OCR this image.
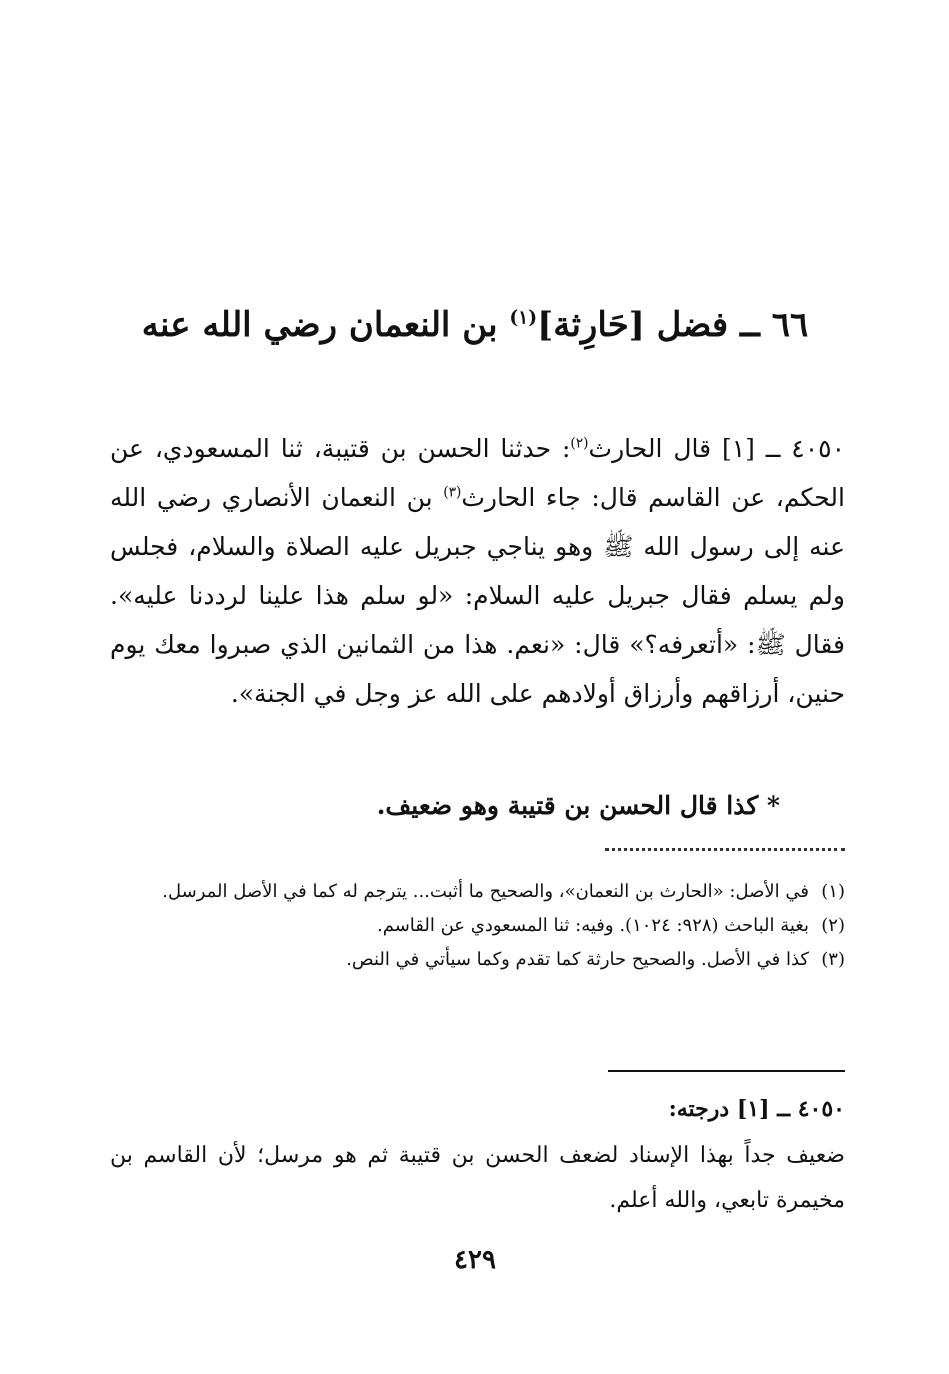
٦٦ ــ فضل [حَارِثة]$^{(١)}$ بن النعمان رضي الله عنه

٤٠٥٠ ــ [١] قال الحارث$^{(٢)}$: حدثنا الحسن بن قتيبة، ثنا المسعودي، عن الحكم، عن القاسم قال: جاء الحارث$^{(٣)}$ بن النعمان الأنصاري رضي الله عنه إلى رسول الله ﷺ وهو يناجي جبريل عليه الصلاة والسلام، فجلس ولم يسلم فقال جبريل عليه السلام: «لو سلم هذا علينا لرددنا عليه». فقال ﷺ: «أتعرفه؟» قال: «نعم. هذا من الثمانين الذي صبروا معك يوم حنين، أرزاقهم وأرزاق أولادهم على الله عز وجل في الجنة».

* كذا قال الحسن بن قتيبة وهو ضعيف.

(١)
في الأصل: «الحارث بن النعمان»، والصحيح ما أثبت... يترجم له كما في الأصل المرسل.
(٢)
بغية الباحث (٩٢٨: ١٠٢٤). وفيه: ثنا المسعودي عن القاسم.
(٣)
كذا في الأصل. والصحيح حارثة كما تقدم وكما سيأتي في النص.
٤٠٥٠ ــ [١] درجته:
ضعيف جداً بهذا الإسناد لضعف الحسن بن قتيبة ثم هو مرسل؛ لأن القاسم بن مخيمرة تابعي، والله أعلم.
٤٢٩
